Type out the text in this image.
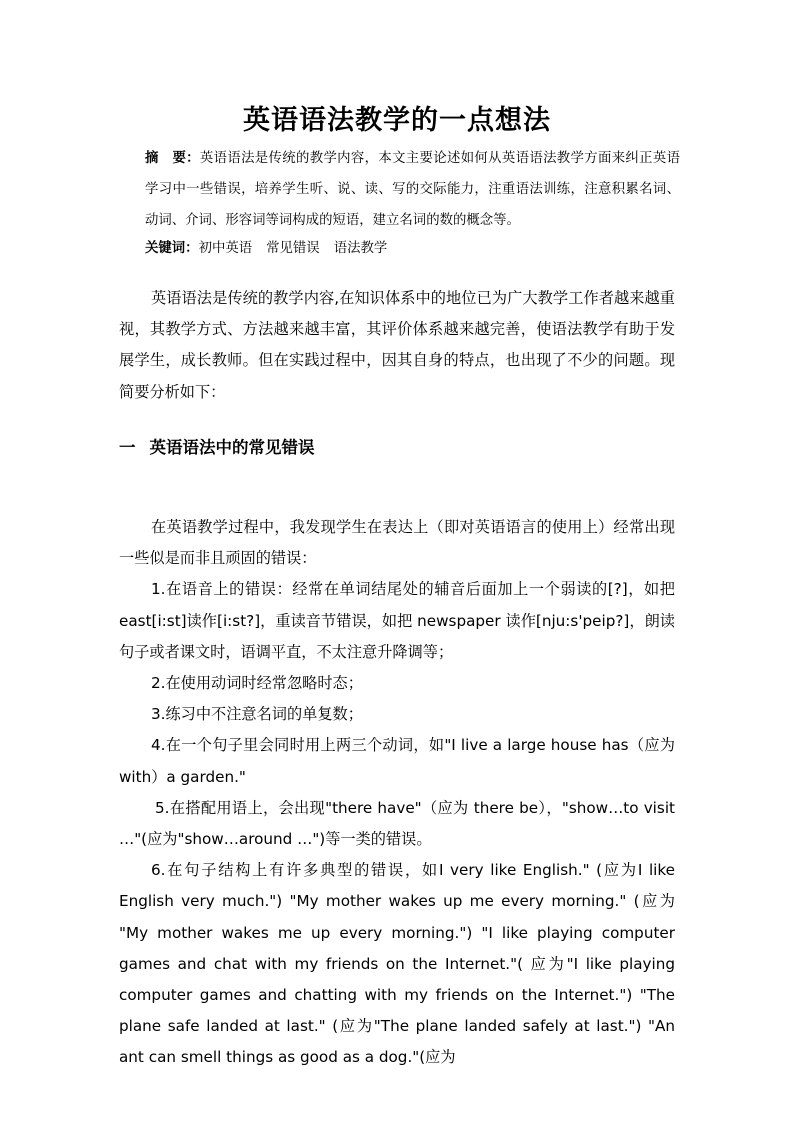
英语语法教学的一点想法
摘　要：英语语法是传统的教学内容，本文主要论述如何从英语语法教学方面来纠正英语学习中一些错误，培养学生听、说、读、写的交际能力，注重语法训练，注意积累名词、动词、介词、形容词等词构成的短语，建立名词的数的概念等。
关键词：初中英语 常见错误 语法教学
英语语法是传统的教学内容,在知识体系中的地位已为广大教学工作者越来越重视，其教学方式、方法越来越丰富，其评价体系越来越完善，使语法教学有助于发展学生，成长教师。但在实践过程中，因其自身的特点，也出现了不少的问题。现简要分析如下：
一 英语语法中的常见错误

在英语教学过程中，我发现学生在表达上（即对英语语言的使用上）经常出现一些似是而非且顽固的错误：

1.在语音上的错误：经常在单词结尾处的辅音后面加上一个弱读的[?]，如把east[i:st]读作[i:st?]，重读音节错误，如把 newspaper 读作[nju:s'peip?]，朗读句子或者课文时，语调平直，不太注意升降调等；

2.在使用动词时经常忽略时态；

3.练习中不注意名词的单复数；

4.在一个句子里会同时用上两三个动词，如"I live a large house has（应为with）a garden."

5.在搭配用语上，会出现"there have"（应为 there be），"show…to visit …"(应为"show…around …")等一类的错误。

6.在句子结构上有许多典型的错误，如I very like English." (应为I like English very much.") "My mother wakes up me every morning." (应为 "My mother wakes me up every morning.") "I like playing computer games and chat with my friends on the Internet."( 应为"I like playing computer games and chatting with my friends on the Internet.") "The plane safe landed at last." (应为"The plane landed safely at last.") "An ant can smell things as good as a dog."(应为
